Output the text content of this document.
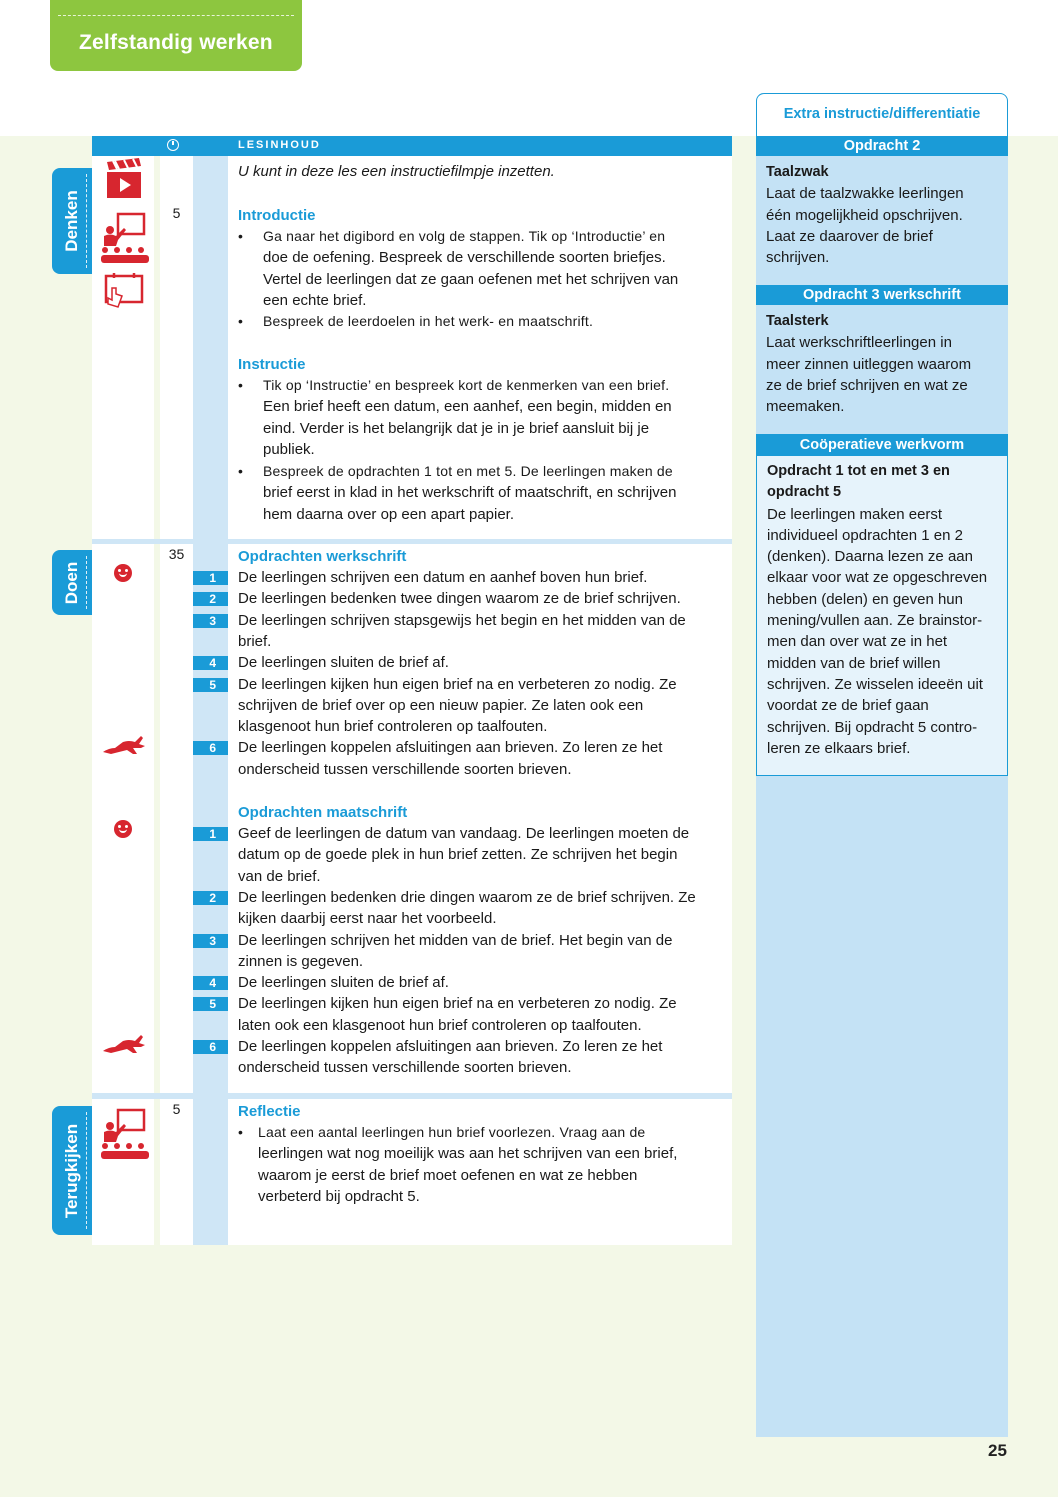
Zelfstandig werken
LESINHOUD
Denken
Doen
Terugkijken
U kunt in deze les een instructiefilmpje inzetten.
5	Introductie
• Ga naar het digibord en volg de stappen. Tik op ‘Introductie’ en
doe de oefening. Bespreek de verschillende soorten briefjes.
Vertel de leerlingen dat ze gaan oefenen met het schrijven van
een echte brief.
• Bespreek de leerdoelen in het werk- en maatschrift.
Instructie
• Tik op ‘Instructie’ en bespreek kort de kenmerken van een brief.
Een brief heeft een datum, een aanhef, een begin, midden en
eind. Verder is het belangrijk dat je in je brief aansluit bij je
publiek.
• Bespreek de opdrachten 1 tot en met 5. De leerlingen maken de
brief eerst in klad in het werkschrift of maatschrift, en schrijven
hem daarna over op een apart papier.
35	Opdrachten werkschrift
1	De leerlingen schrijven een datum en aanhef boven hun brief.
2	De leerlingen bedenken twee dingen waarom ze de brief schrijven.
3	De leerlingen schrijven stapsgewijs het begin en het midden van de
brief.
4	De leerlingen sluiten de brief af.
5	De leerlingen kijken hun eigen brief na en verbeteren zo nodig. Ze
schrijven de brief over op een nieuw papier. Ze laten ook een
klasgenoot hun brief controleren op taalfouten.
6	De leerlingen koppelen afsluitingen aan brieven. Zo leren ze het
onderscheid tussen verschillende soorten brieven.
Opdrachten maatschrift
1	Geef de leerlingen de datum van vandaag. De leerlingen moeten de
datum op de goede plek in hun brief zetten. Ze schrijven het begin
van de brief.
2	De leerlingen bedenken drie dingen waarom ze de brief schrijven. Ze
kijken daarbij eerst naar het voorbeeld.
3	De leerlingen schrijven het midden van de brief. Het begin van de
zinnen is gegeven.
4	De leerlingen sluiten de brief af.
5	De leerlingen kijken hun eigen brief na en verbeteren zo nodig. Ze
laten ook een klasgenoot hun brief controleren op taalfouten.
6	De leerlingen koppelen afsluitingen aan brieven. Zo leren ze het
onderscheid tussen verschillende soorten brieven.
5	Reflectie
• Laat een aantal leerlingen hun brief voorlezen. Vraag aan de
leerlingen wat nog moeilijk was aan het schrijven van een brief,
waarom je eerst de brief moet oefenen en wat ze hebben
verbeterd bij opdracht 5.
Extra instructie/differentiatie
Opdracht 2
Taalzwak
Laat de taalzwakke leerlingen
één mogelijkheid opschrijven.
Laat ze daarover de brief
schrijven.
Opdracht 3 werkschrift
Taalsterk
Laat werkschriftleerlingen in
meer zinnen uitleggen waarom
ze de brief schrijven en wat ze
meemaken.
Coöperatieve werkvorm
Opdracht 1 tot en met 3 en
opdracht 5
De leerlingen maken eerst
individueel opdrachten 1 en 2
(denken). Daarna lezen ze aan
elkaar voor wat ze opgeschreven
hebben (delen) en geven hun
mening/vullen aan. Ze brainstor-
men dan over wat ze in het
midden van de brief willen
schrijven. Ze wisselen ideeën uit
voordat ze de brief gaan
schrijven. Bij opdracht 5 contro-
leren ze elkaars brief.
25
